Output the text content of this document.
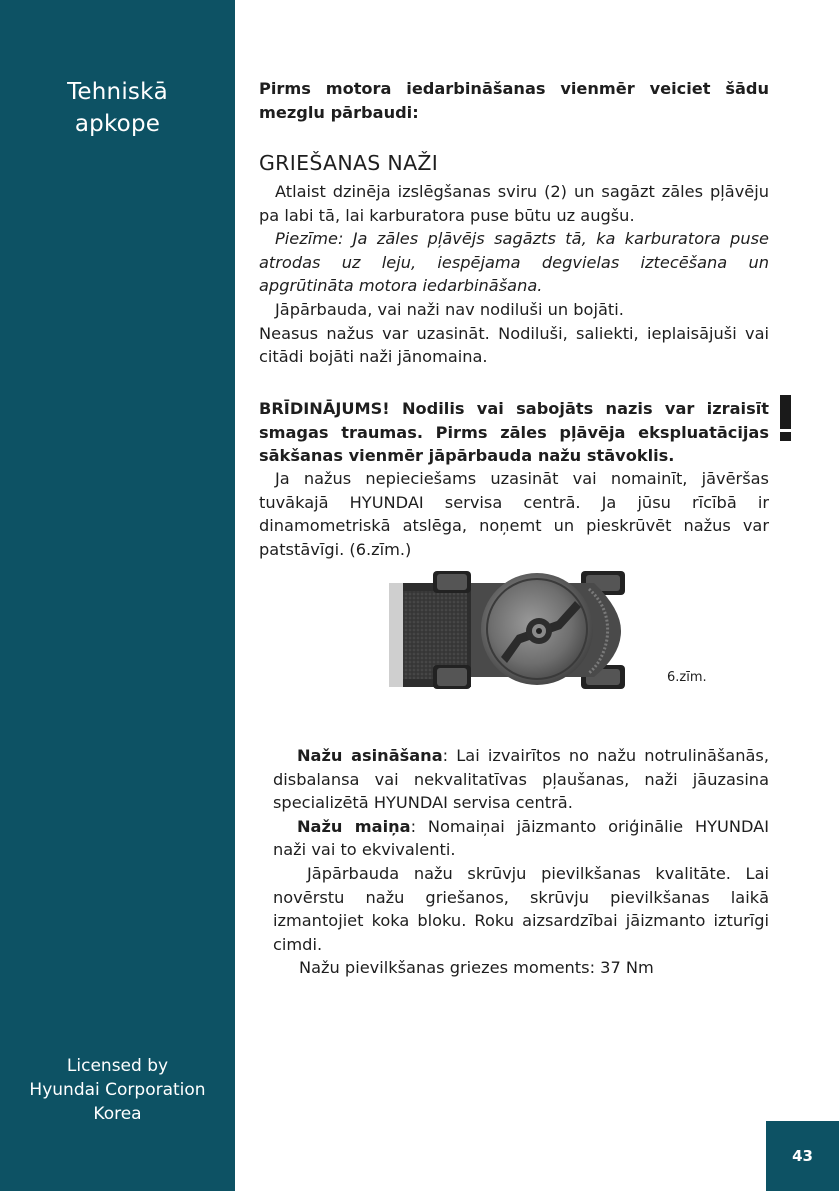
Tehniskā
apkope
Licensed by
Hyundai Corporation
Korea

Pirms motora iedarbināšanas vienmēr veiciet šādu mezglu pārbaudi:

GRIEŠANAS NAŽI

Atlaist dzinēja izslēgšanas sviru (2) un sagāzt zāles pļāvēju pa labi tā, lai karburatora puse būtu uz augšu.

Piezīme: Ja zāles pļāvējs sagāzts tā, ka karburatora puse atrodas uz leju, iespējama degvielas iztecēšana un apgrūtināta motora iedarbināšana.

Jāpārbauda, vai naži nav nodiluši un bojāti.

Neasus nažus var uzasināt. Nodiluši, saliekti, ieplaisājuši vai citādi bojāti naži jānomaina.

BRĪDINĀJUMS! Nodilis vai sabojāts nazis var izraisīt smagas traumas. Pirms zāles pļāvēja ekspluatācijas sākšanas vienmēr jāpārbauda nažu stāvoklis.

Ja nažus nepieciešams uzasināt vai nomainīt, jāvēršas tuvākajā HYUNDAI servisa centrā. Ja jūsu rīcībā ir dinamometriskā atslēga, noņemt un pieskrūvēt nažus var patstāvīgi. (6.zīm.)

6.zīm.

Nažu asināšana: Lai izvairītos no nažu notrulināšanās, disbalansa vai nekvalitatīvas pļaušanas, naži jāuzasina specializētā HYUNDAI servisa centrā.

Nažu maiņa: Nomaiņai jāizmanto oriģinālie HYUNDAI naži vai to ekvivalenti.

Jāpārbauda nažu skrūvju pievilkšanas kvalitāte. Lai novērstu nažu griešanos, skrūvju pievilkšanas laikā izmantojiet koka bloku. Roku aizsardzībai jāizmanto izturīgi cimdi.

Nažu pievilkšanas griezes moments: 37 Nm

43
